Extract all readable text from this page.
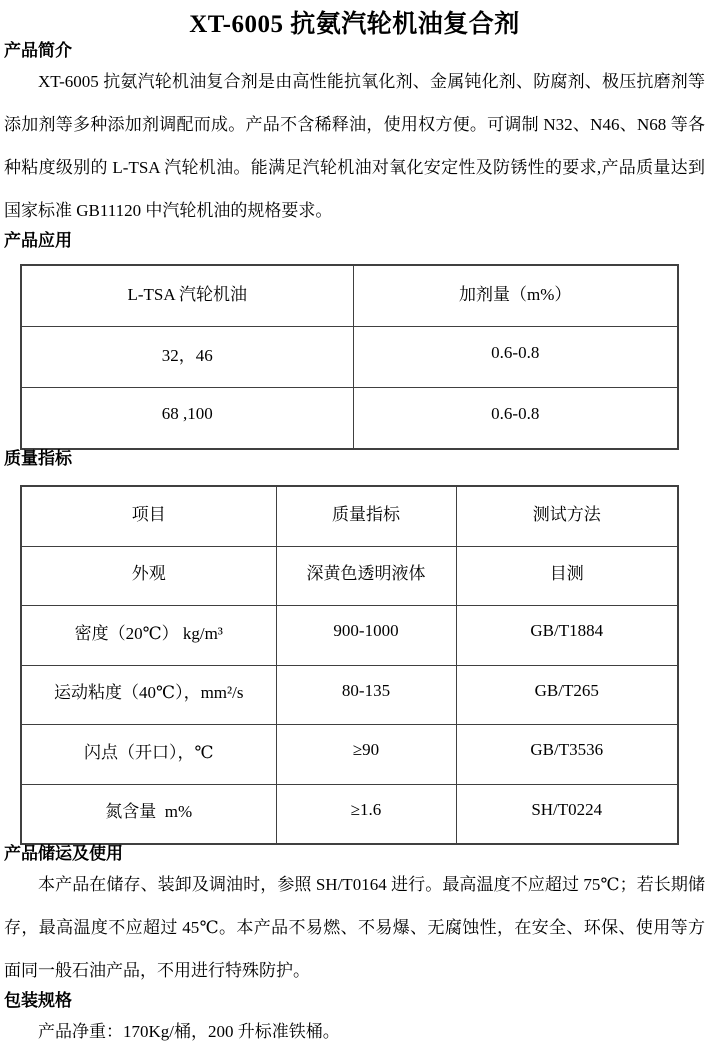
XT-6005 抗氨汽轮机油复合剂
产品简介

XT-6005 抗氨汽轮机油复合剂是由高性能抗氧化剂、金属钝化剂、防腐剂、极压抗磨剂等添加剂等多种添加剂调配而成。产品不含稀释油，使用权方便。可调制 N32、N46、N68 等各种粘度级别的 L-TSA 汽轮机油。能满足汽轮机油对氧化安定性及防锈性的要求,产品质量达到国家标准 GB11120 中汽轮机油的规格要求。

产品应用
L-TSA 汽轮机油	加剂量（m%）
32，46	0.6-0.8
68 ,100	0.6-0.8
质量指标
项目	质量指标	测试方法
外观	深黄色透明液体	目测
密度（20℃） kg/m³	900-1000	GB/T1884
运动粘度（40℃），mm²/s	80-135	GB/T265
闪点（开口），℃	≥90	GB/T3536
氮含量  m%	≥1.6	SH/T0224
产品储运及使用

本产品在储存、装卸及调油时，参照 SH/T0164 进行。最高温度不应超过 75℃；若长期储存，最高温度不应超过 45℃。本产品不易燃、不易爆、无腐蚀性，在安全、环保、使用等方面同一般石油产品，不用进行特殊防护。

包装规格

产品净重：170Kg/桶，200 升标准铁桶。
